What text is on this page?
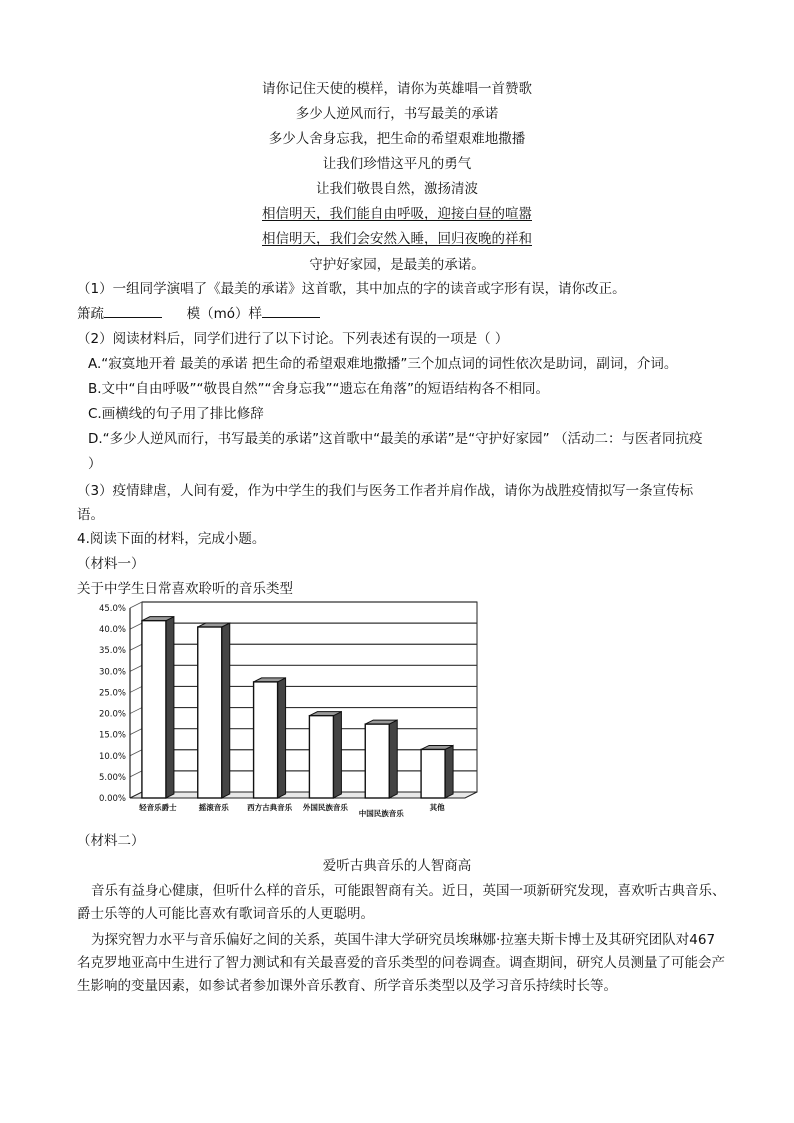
请你记住天使的模样，请你为英雄唱一首赞歌
多少人逆风而行，书写最美的承诺
多少人舍身忘我，把生命的希望艰难地撒播
让我们珍惜这平凡的勇气
让我们敬畏自然，激扬清波
相信明天，我们能自由呼吸，迎接白昼的喧嚣
相信明天，我们会安然入睡，回归夜晚的祥和
守护好家园，是最美的承诺。
（1）一组同学演唱了《最美的承诺》这首歌，其中加点的字的读音或字形有误，请你改正。
箫疏	模（mó）样
（2）阅读材料后，同学们进行了以下讨论。下列表述有误的一项是（ ）
A.“寂寞地开着 最美的承诺 把生命的希望艰难地撒播”三个加点词的词性依次是助词，副词，介词。
B.文中“自由呼吸”“敬畏自然”“舍身忘我”“遗忘在角落”的短语结构各不相同。
C.画横线的句子用了排比修辞
D.“多少人逆风而行，书写最美的承诺”这首歌中“最美的承诺”是“守护好家园” （活动二：与医者同抗疫
）
（3）疫情肆虐，人间有爱，作为中学生的我们与医务工作者并肩作战，请你为战胜疫情拟写一条宣传标
语。
4.阅读下面的材料，完成小题。
（材料一）
关于中学生日常喜欢聆听的音乐类型
0.00%
5.00%
10.0%
15.0%
20.0%
25.0%
30.0%
35.0%
40.0%
45.0%
轻音乐爵士	摇滚音乐 西方古典音乐 外国民族音乐
中国民族音乐
其他
（材料二）
爱听古典音乐的人智商高
音乐有益身心健康，但听什么样的音乐，可能跟智商有关。近日，英国一项新研究发现，喜欢听古典音乐、爵士乐等的人可能比喜欢有歌词音乐的人更聪明。
为探究智力水平与音乐偏好之间的关系，英国牛津大学研究员埃琳娜·拉塞夫斯卡博士及其研究团队对467名克罗地亚高中生进行了智力测试和有关最喜爱的音乐类型的问卷调查。调查期间，研究人员测量了可能会产生影响的变量因素，如参试者参加课外音乐教育、所学音乐类型以及学习音乐持续时长等。
